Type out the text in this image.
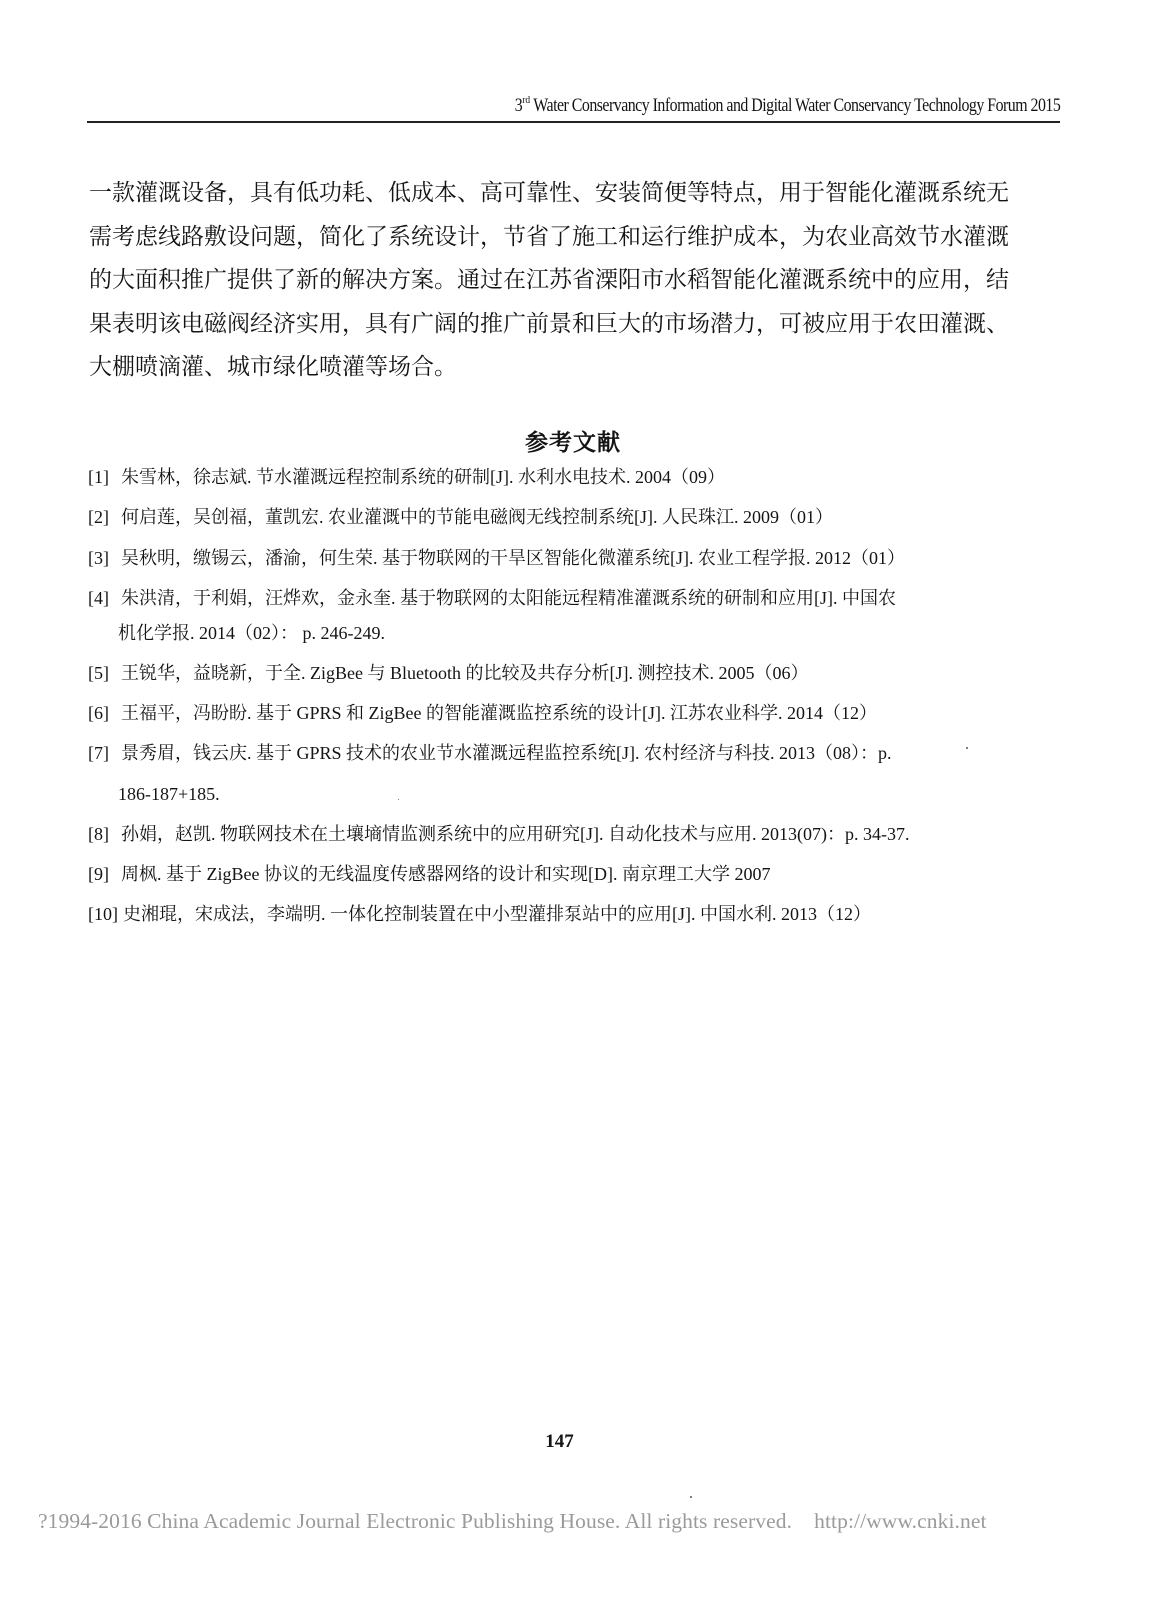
3rd Water Conservancy Information and Digital Water Conservancy Technology Forum 2015
一款灌溉设备，具有低功耗、低成本、高可靠性、安装简便等特点，用于智能化灌溉系统无
需考虑线路敷设问题，简化了系统设计，节省了施工和运行维护成本，为农业高效节水灌溉
的大面积推广提供了新的解决方案。通过在江苏省溧阳市水稻智能化灌溉系统中的应用，结
果表明该电磁阀经济实用，具有广阔的推广前景和巨大的市场潜力，可被应用于农田灌溉、
大棚喷滴灌、城市绿化喷灌等场合。
参考文献
[1] 朱雪林，徐志斌. 节水灌溉远程控制系统的研制[J]. 水利水电技术. 2004（09）
[2] 何启莲，吴创福，董凯宏. 农业灌溉中的节能电磁阀无线控制系统[J]. 人民珠江. 2009（01）
[3] 吴秋明，缴锡云，潘渝，何生荣. 基于物联网的干旱区智能化微灌系统[J]. 农业工程学报. 2012（01）
[4] 朱洪清，于利娟，汪烨欢，金永奎. 基于物联网的太阳能远程精准灌溉系统的研制和应用[J]. 中国农
机化学报. 2014（02）： p. 246-249.
[5] 王锐华，益晓新，于全. ZigBee 与 Bluetooth 的比较及共存分析[J]. 测控技术. 2005（06）
[6] 王福平，冯盼盼. 基于 GPRS 和 ZigBee 的智能灌溉监控系统的设计[J]. 江苏农业科学. 2014（12）
[7] 景秀眉，钱云庆. 基于 GPRS 技术的农业节水灌溉远程监控系统[J]. 农村经济与科技. 2013（08）：p.
186-187+185.
[8] 孙娟，赵凯. 物联网技术在土壤墒情监测系统中的应用研究[J]. 自动化技术与应用. 2013(07)：p. 34-37.
[9] 周枫. 基于 ZigBee 协议的无线温度传感器网络的设计和实现[D]. 南京理工大学 2007
[10] 史湘琨，宋成法，李端明. 一体化控制装置在中小型灌排泵站中的应用[J]. 中国水利. 2013（12）
147
?1994-2016 China Academic Journal Electronic Publishing House. All rights reserved. http://www.cnki.net
